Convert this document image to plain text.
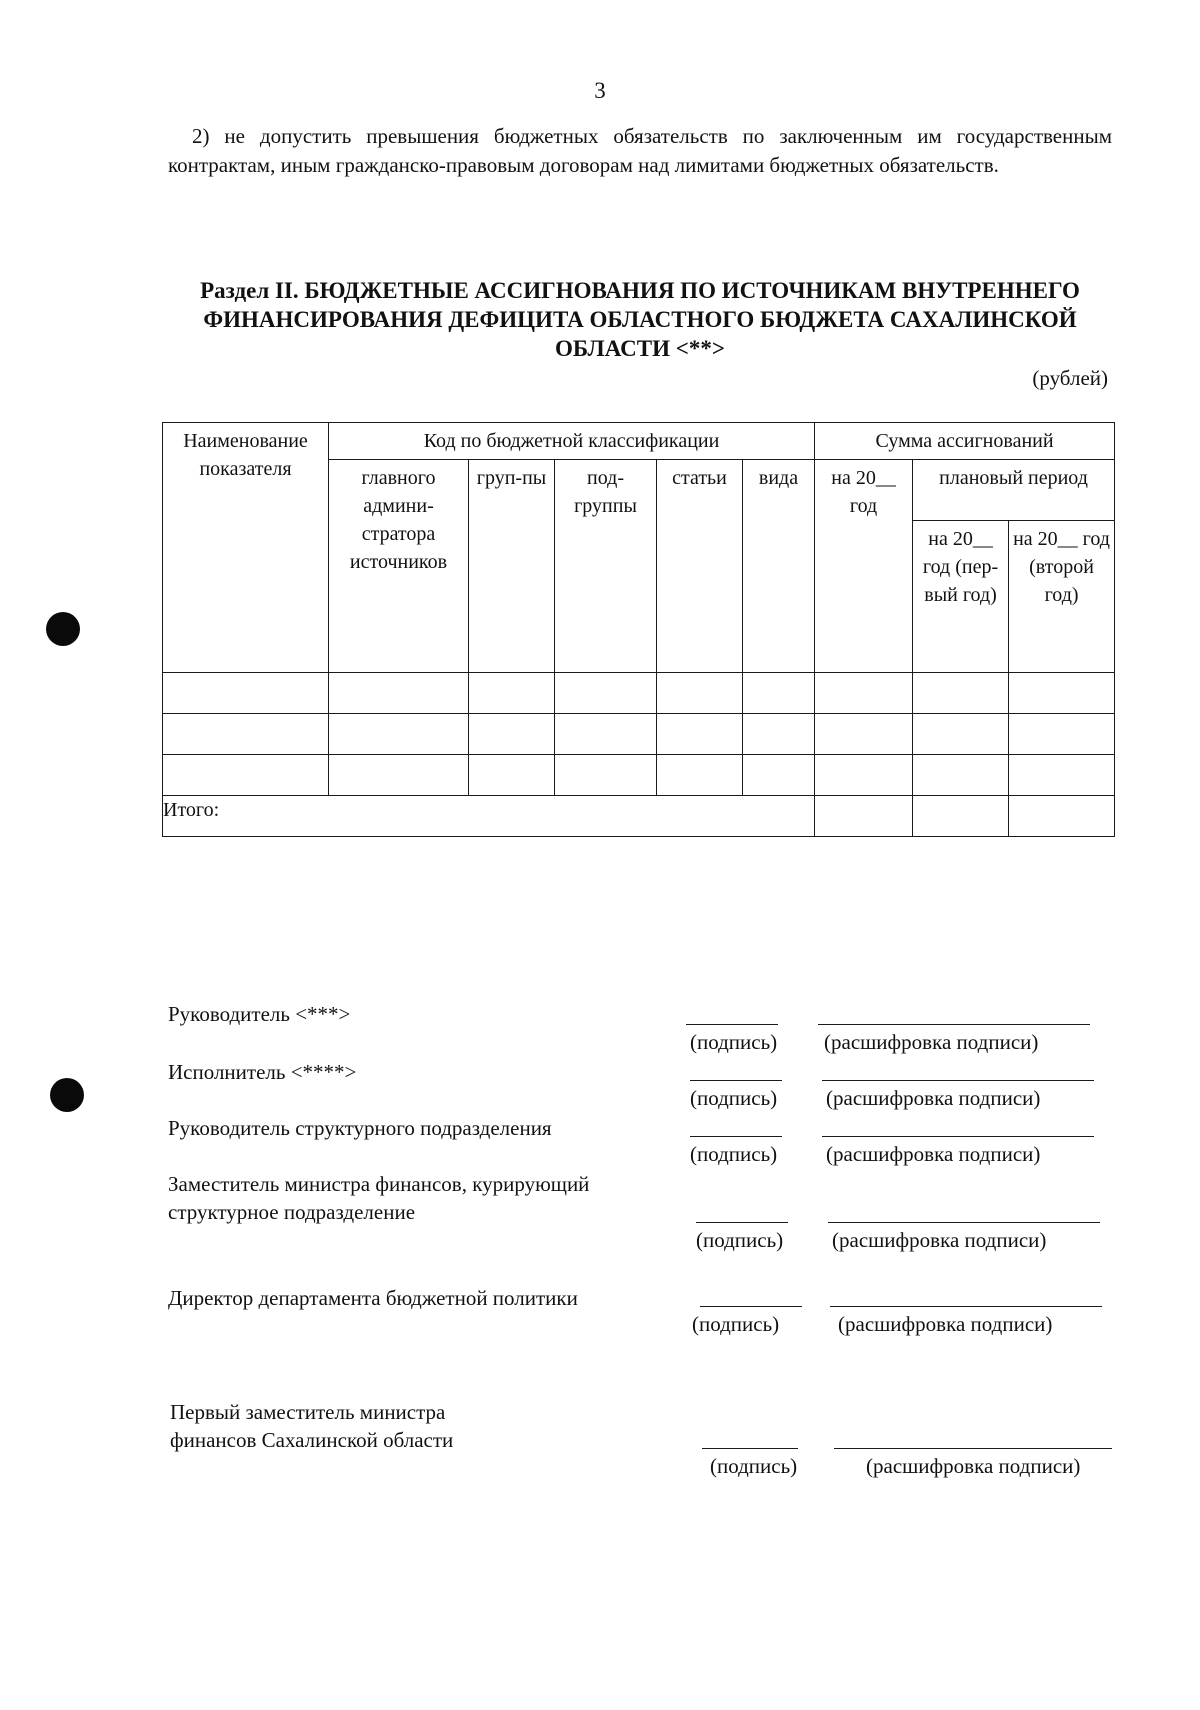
3
2) не допустить превышения бюджетных обязательств по заключенным им государственным контрактам, иным гражданско-правовым договорам над лимитами бюджетных обязательств.
Раздел II. БЮДЖЕТНЫЕ АССИГНОВАНИЯ ПО ИСТОЧНИКАМ ВНУТРЕННЕГО ФИНАНСИРОВАНИЯ ДЕФИЦИТА ОБЛАСТНОГО БЮДЖЕТА САХАЛИНСКОЙ ОБЛАСТИ <**>
(рублей)
Наименование показателя	Код по бюджетной классификации					Сумма ассигнований		
	главного админи-стратора источников	груп-пы	под-группы	статьи	вида	на 20__ год	плановый период	
							на 20__ год (пер-вый год)	на 20__ год (второй год)

Итого:								
Руководитель <***>
(подпись) (расшифровка подписи)
Исполнитель <****>
(подпись) (расшифровка подписи)
Руководитель структурного подразделения
(подпись) (расшифровка подписи)
Заместитель министра финансов, курирующий структурное подразделение
(подпись) (расшифровка подписи)
Директор департамента бюджетной политики
(подпись)	(расшифровка подписи)
Первый заместитель министра финансов Сахалинской области
(подпись)	(расшифровка подписи)
